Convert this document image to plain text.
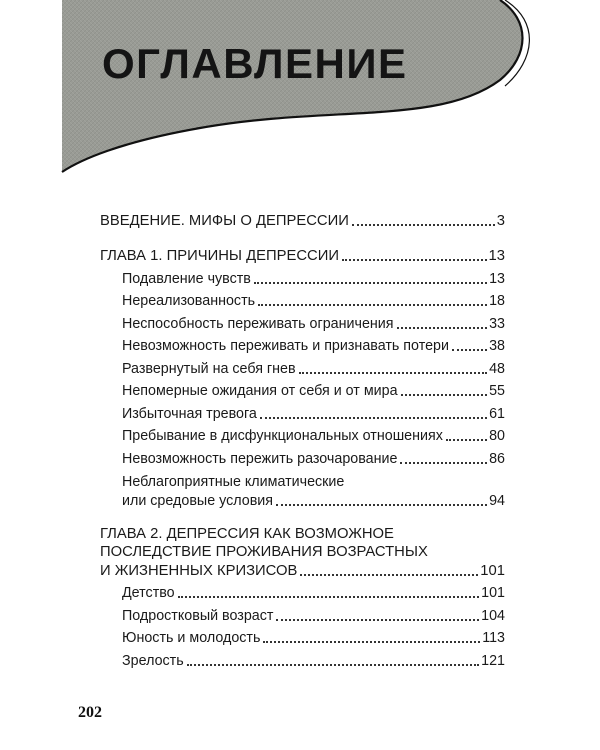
ОГЛАВЛЕНИЕ
ВВЕДЕНИЕ. МИФЫ О ДЕПРЕССИИ	3
ГЛАВА 1. ПРИЧИНЫ ДЕПРЕССИИ	13
Подавление чувств	13
Нереализованность	18
Неспособность переживать ограничения	33
Невозможность переживать и признавать потери	38
Развернутый на себя гнев	48
Непомерные ожидания от себя и от мира	55
Избыточная тревога	61
Пребывание в дисфункциональных отношениях	80
Невозможность пережить разочарование	86
Неблагоприятные климатические
или средовые условия	94
ГЛАВА 2. ДЕПРЕССИЯ КАК ВОЗМОЖНОЕ
ПОСЛЕДСТВИЕ ПРОЖИВАНИЯ ВОЗРАСТНЫХ
И ЖИЗНЕННЫХ КРИЗИСОВ	101
Детство	101
Подростковый возраст	104
Юность и молодость	113
Зрелость	121
202
